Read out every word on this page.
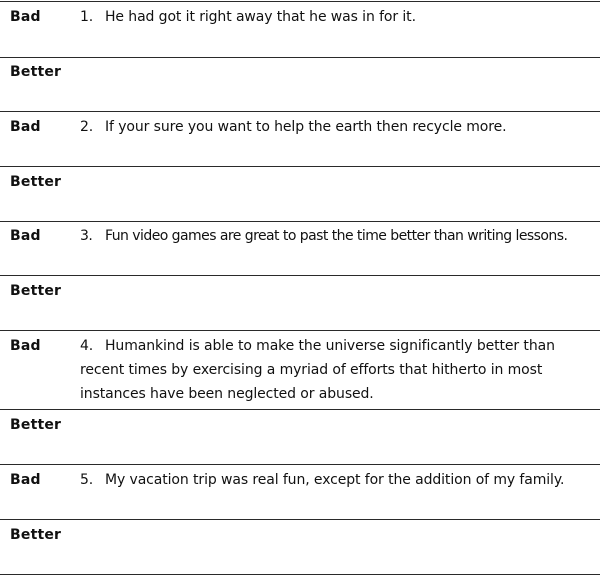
Bad	1. He had got it right away that he was in for it.
Better
Bad	2. If your sure you want to help the earth then recycle more.
Better
Bad	3. Fun video games are great to past the time better than writing lessons.
Better
Bad	4. Humankind is able to make the universe significantly better than
recent times by exercising a myriad of efforts that hitherto in most
instances have been neglected or abused.
Better
Bad	5. My vacation trip was real fun, except for the addition of my family.
Better
